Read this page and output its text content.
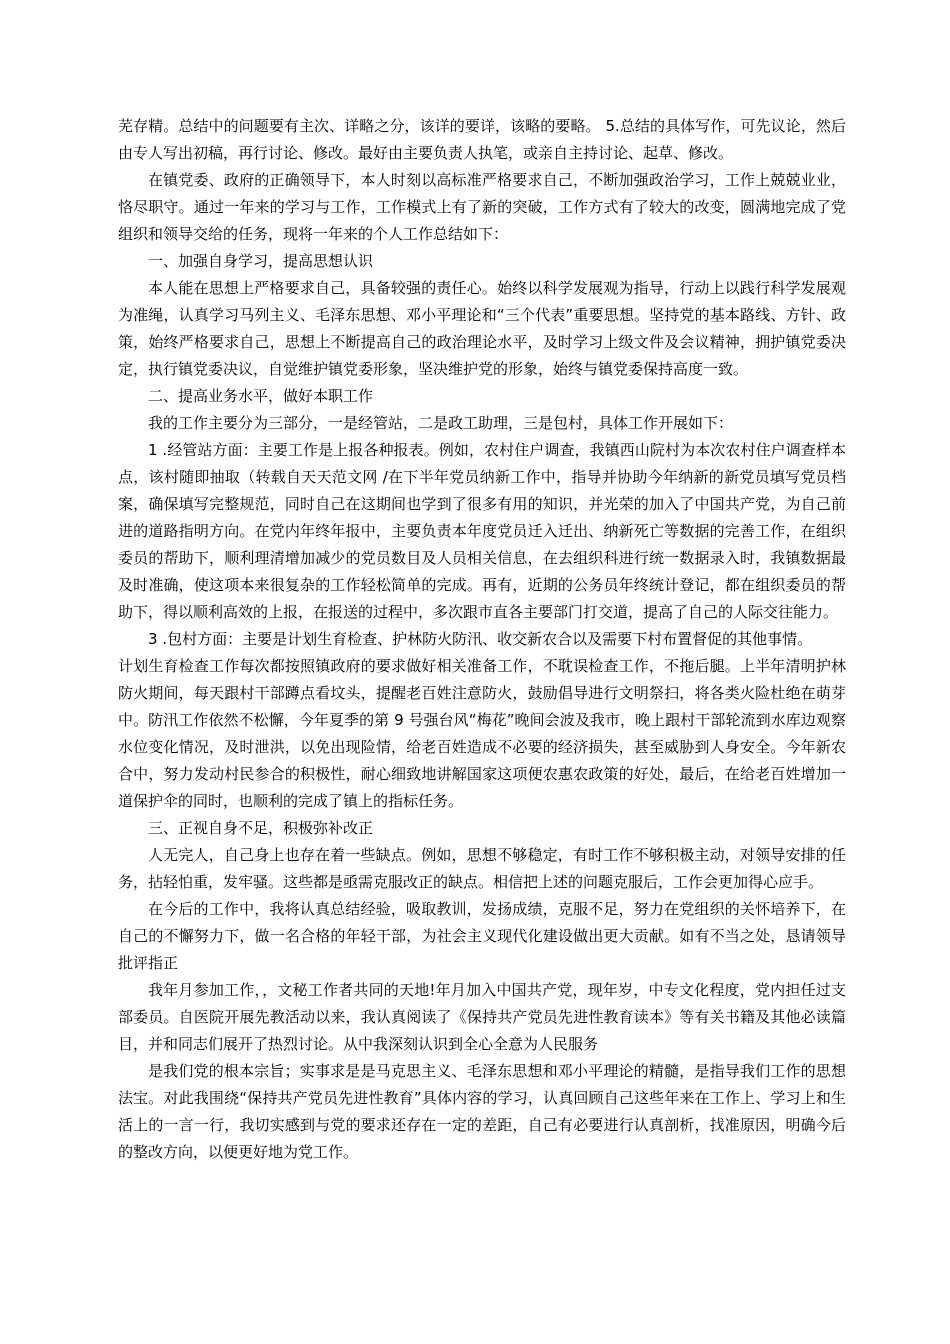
芜存精。总结中的问题要有主次、详略之分，该详的要详，该略的要略。 5.总结的具体写作，可先议论，然后由专人写出初稿，再行讨论、修改。最好由主要负责人执笔，或亲自主持讨论、起草、修改。

在镇党委、政府的正确领导下，本人时刻以高标准严格要求自己，不断加强政治学习，工作上兢兢业业，恪尽职守。通过一年来的学习与工作，工作模式上有了新的突破，工作方式有了较大的改变，圆满地完成了党组织和领导交给的任务，现将一年来的个人工作总结如下：

一、加强自身学习，提高思想认识

本人能在思想上严格要求自己，具备较强的责任心。始终以科学发展观为指导，行动上以践行科学发展观为准绳，认真学习马列主义、毛泽东思想、邓小平理论和“三个代表”重要思想。坚持党的基本路线、方针、政策，始终严格要求自己，思想上不断提高自己的政治理论水平，及时学习上级文件及会议精神，拥护镇党委决定，执行镇党委决议，自觉维护镇党委形象，坚决维护党的形象，始终与镇党委保持高度一致。

二、提高业务水平，做好本职工作

我的工作主要分为三部分，一是经管站，二是政工助理，三是包村，具体工作开展如下：

1 .经管站方面：主要工作是上报各种报表。例如，农村住户调查，我镇西山院村为本次农村住户调查样本点，该村随即抽取（转载自天天范文网 /在下半年党员纳新工作中，指导并协助今年纳新的新党员填写党员档案，确保填写完整规范，同时自己在这期间也学到了很多有用的知识，并光荣的加入了中国共产党，为自己前进的道路指明方向。在党内年终年报中，主要负责本年度党员迁入迁出、纳新死亡等数据的完善工作，在组织委员的帮助下，顺利理清增加减少的党员数目及人员相关信息，在去组织科进行统一数据录入时，我镇数据最及时准确，使这项本来很复杂的工作轻松简单的完成。再有，近期的公务员年终统计登记，都在组织委员的帮助下，得以顺利高效的上报，在报送的过程中，多次跟市直各主要部门打交道，提高了自己的人际交往能力。

3 .包村方面：主要是计划生育检查、护林防火防汛、收交新农合以及需要下村布置督促的其他事情。

计划生育检查工作每次都按照镇政府的要求做好相关准备工作，不耽误检查工作，不拖后腿。上半年清明护林防火期间，每天跟村干部蹲点看坟头，提醒老百姓注意防火，鼓励倡导进行文明祭扫，将各类火险杜绝在萌芽中。防汛工作依然不松懈，今年夏季的第 9 号强台风“梅花”晚间会波及我市，晚上跟村干部轮流到水库边观察水位变化情况，及时泄洪，以免出现险情，给老百姓造成不必要的经济损失，甚至威胁到人身安全。今年新农合中，努力发动村民参合的积极性，耐心细致地讲解国家这项便农惠农政策的好处，最后，在给老百姓增加一道保护伞的同时，也顺利的完成了镇上的指标任务。

三、正视自身不足，积极弥补改正

人无完人，自己身上也存在着一些缺点。例如，思想不够稳定，有时工作不够积极主动，对领导安排的任务，拈轻怕重，发牢骚。这些都是亟需克服改正的缺点。相信把上述的问题克服后，工作会更加得心应手。

在今后的工作中，我将认真总结经验，吸取教训，发扬成绩，克服不足，努力在党组织的关怀培养下，在自己的不懈努力下，做一名合格的年轻干部，为社会主义现代化建设做出更大贡献。如有不当之处，恳请领导批评指正

我年月参加工作，，文秘工作者共同的天地!年月加入中国共产党，现年岁，中专文化程度，党内担任过支部委员。自医院开展先教活动以来，我认真阅读了《保持共产党员先进性教育读本》等有关书籍及其他必读篇目，并和同志们展开了热烈讨论。从中我深刻认识到全心全意为人民服务

是我们党的根本宗旨；实事求是是马克思主义、毛泽东思想和邓小平理论的精髓，是指导我们工作的思想法宝。对此我围绕“保持共产党员先进性教育”具体内容的学习，认真回顾自己这些年来在工作上、学习上和生活上的一言一行，我切实感到与党的要求还存在一定的差距，自己有必要进行认真剖析，找准原因，明确今后的整改方向，以便更好地为党工作。
